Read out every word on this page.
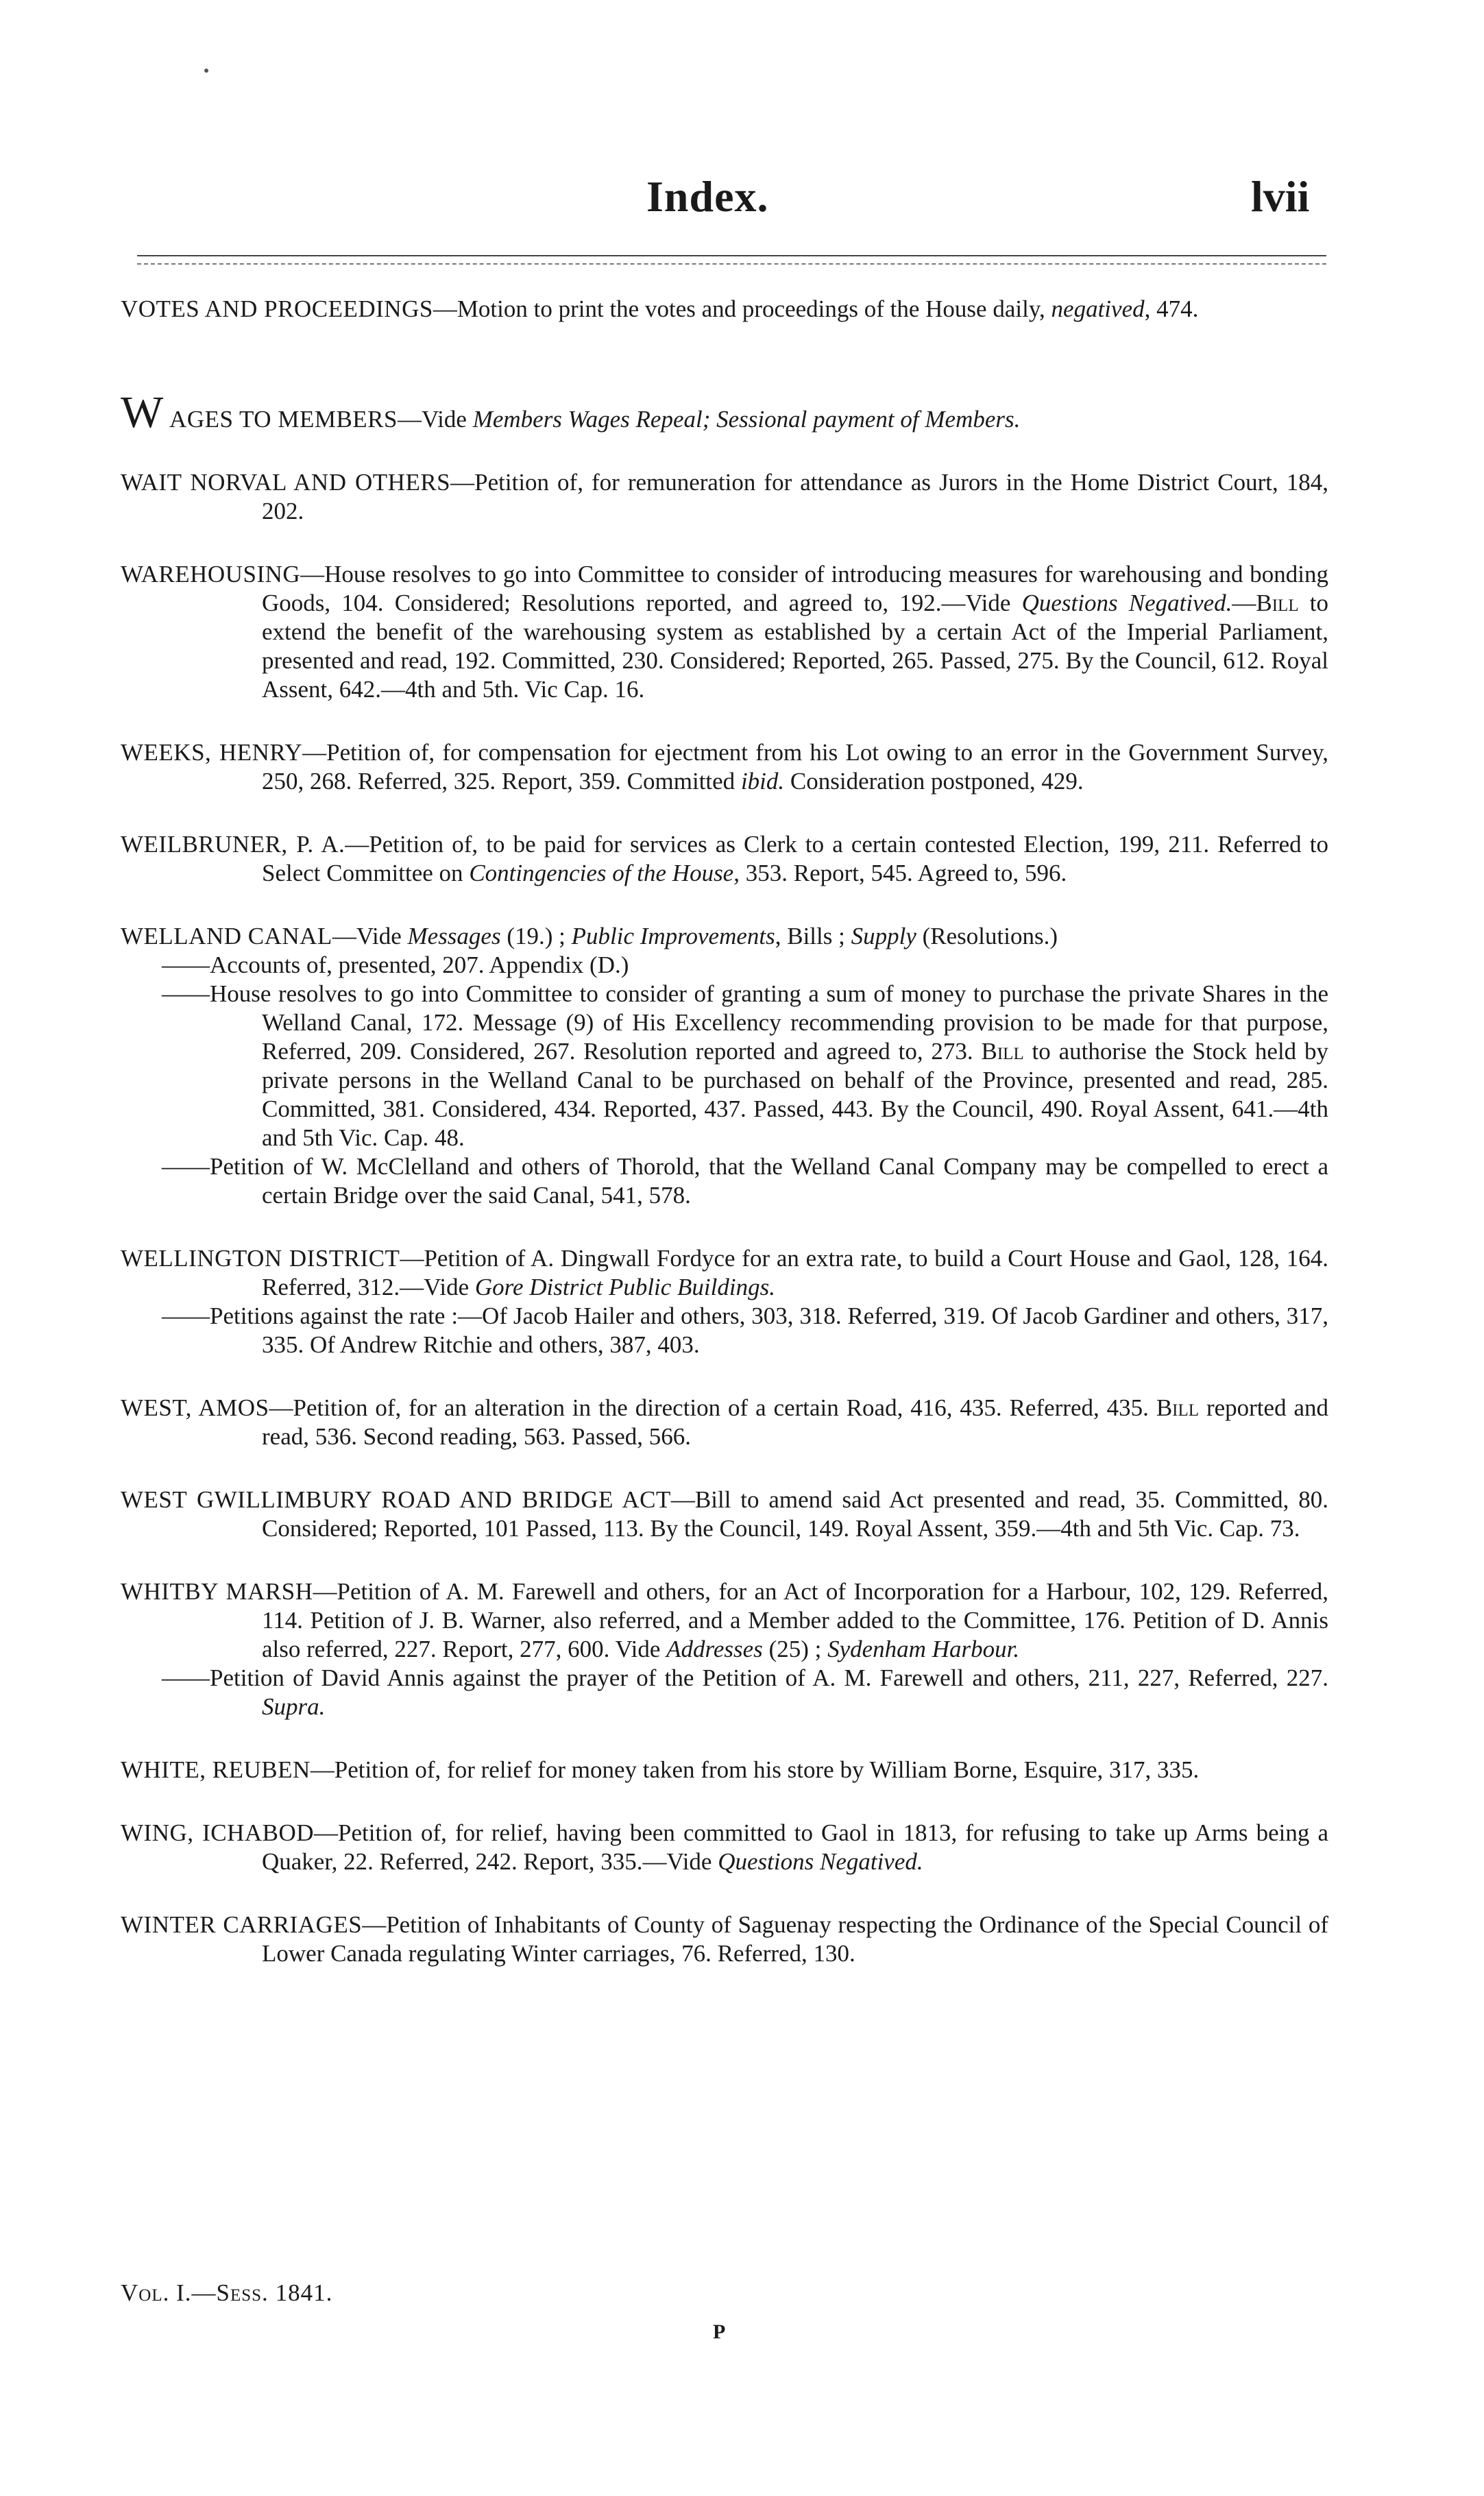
Index.	lvii

VOTES AND PROCEEDINGS—Motion to print the votes and proceedings of the House daily, negatived, 474.

W AGES TO MEMBERS—Vide Members Wages Repeal; Sessional payment of Members.

WAIT NORVAL AND OTHERS—Petition of, for remuneration for attendance as Jurors in the Home District Court, 184, 202.

WAREHOUSING—House resolves to go into Committee to consider of introducing measures for warehousing and bonding Goods, 104. Considered; Resolutions reported, and agreed to, 192.—Vide Questions Negatived.—Bill to extend the benefit of the warehousing system as established by a certain Act of the Imperial Parliament, presented and read, 192. Committed, 230. Considered; Reported, 265. Passed, 275. By the Council, 612. Royal Assent, 642.—4th and 5th. Vic Cap. 16.

WEEKS, HENRY—Petition of, for compensation for ejectment from his Lot owing to an error in the Government Survey, 250, 268. Referred, 325. Report, 359. Committed ibid. Consideration postponed, 429.

WEILBRUNER, P. A.—Petition of, to be paid for services as Clerk to a certain contested Election, 199, 211. Referred to Select Committee on Contingencies of the House, 353. Report, 545. Agreed to, 596.

WELLAND CANAL—Vide Messages (19.) ; Public Improvements, Bills ; Supply (Resolutions.)

——Accounts of, presented, 207. Appendix (D.)

——House resolves to go into Committee to consider of granting a sum of money to purchase the private Shares in the Welland Canal, 172. Message (9) of His Excellency recommending provision to be made for that purpose, Referred, 209. Considered, 267. Resolution reported and agreed to, 273. Bill to authorise the Stock held by private persons in the Welland Canal to be purchased on behalf of the Province, presented and read, 285. Committed, 381. Considered, 434. Reported, 437. Passed, 443. By the Council, 490. Royal Assent, 641.—4th and 5th Vic. Cap. 48.

——Petition of W. McClelland and others of Thorold, that the Welland Canal Company may be compelled to erect a certain Bridge over the said Canal, 541, 578.

WELLINGTON DISTRICT—Petition of A. Dingwall Fordyce for an extra rate, to build a Court House and Gaol, 128, 164. Referred, 312.—Vide Gore District Public Buildings.

——Petitions against the rate :—Of Jacob Hailer and others, 303, 318. Referred, 319. Of Jacob Gardiner and others, 317, 335. Of Andrew Ritchie and others, 387, 403.

WEST, AMOS—Petition of, for an alteration in the direction of a certain Road, 416, 435. Referred, 435. Bill reported and read, 536. Second reading, 563. Passed, 566.

WEST GWILLIMBURY ROAD AND BRIDGE ACT—Bill to amend said Act presented and read, 35. Committed, 80. Considered; Reported, 101 Passed, 113. By the Council, 149. Royal Assent, 359.—4th and 5th Vic. Cap. 73.

WHITBY MARSH—Petition of A. M. Farewell and others, for an Act of Incorporation for a Harbour, 102, 129. Referred, 114. Petition of J. B. Warner, also referred, and a Member added to the Committee, 176. Petition of D. Annis also referred, 227. Report, 277, 600. Vide Addresses (25) ; Sydenham Harbour.

——Petition of David Annis against the prayer of the Petition of A. M. Farewell and others, 211, 227, Referred, 227. Supra.

WHITE, REUBEN—Petition of, for relief for money taken from his store by William Borne, Esquire, 317, 335.

WING, ICHABOD—Petition of, for relief, having been committed to Gaol in 1813, for refusing to take up Arms being a Quaker, 22. Referred, 242. Report, 335.—Vide Questions Negatived.

WINTER CARRIAGES—Petition of Inhabitants of County of Saguenay respecting the Ordinance of the Special Council of Lower Canada regulating Winter carriages, 76. Referred, 130.

Vol. I.—Sess. 1841.
P
